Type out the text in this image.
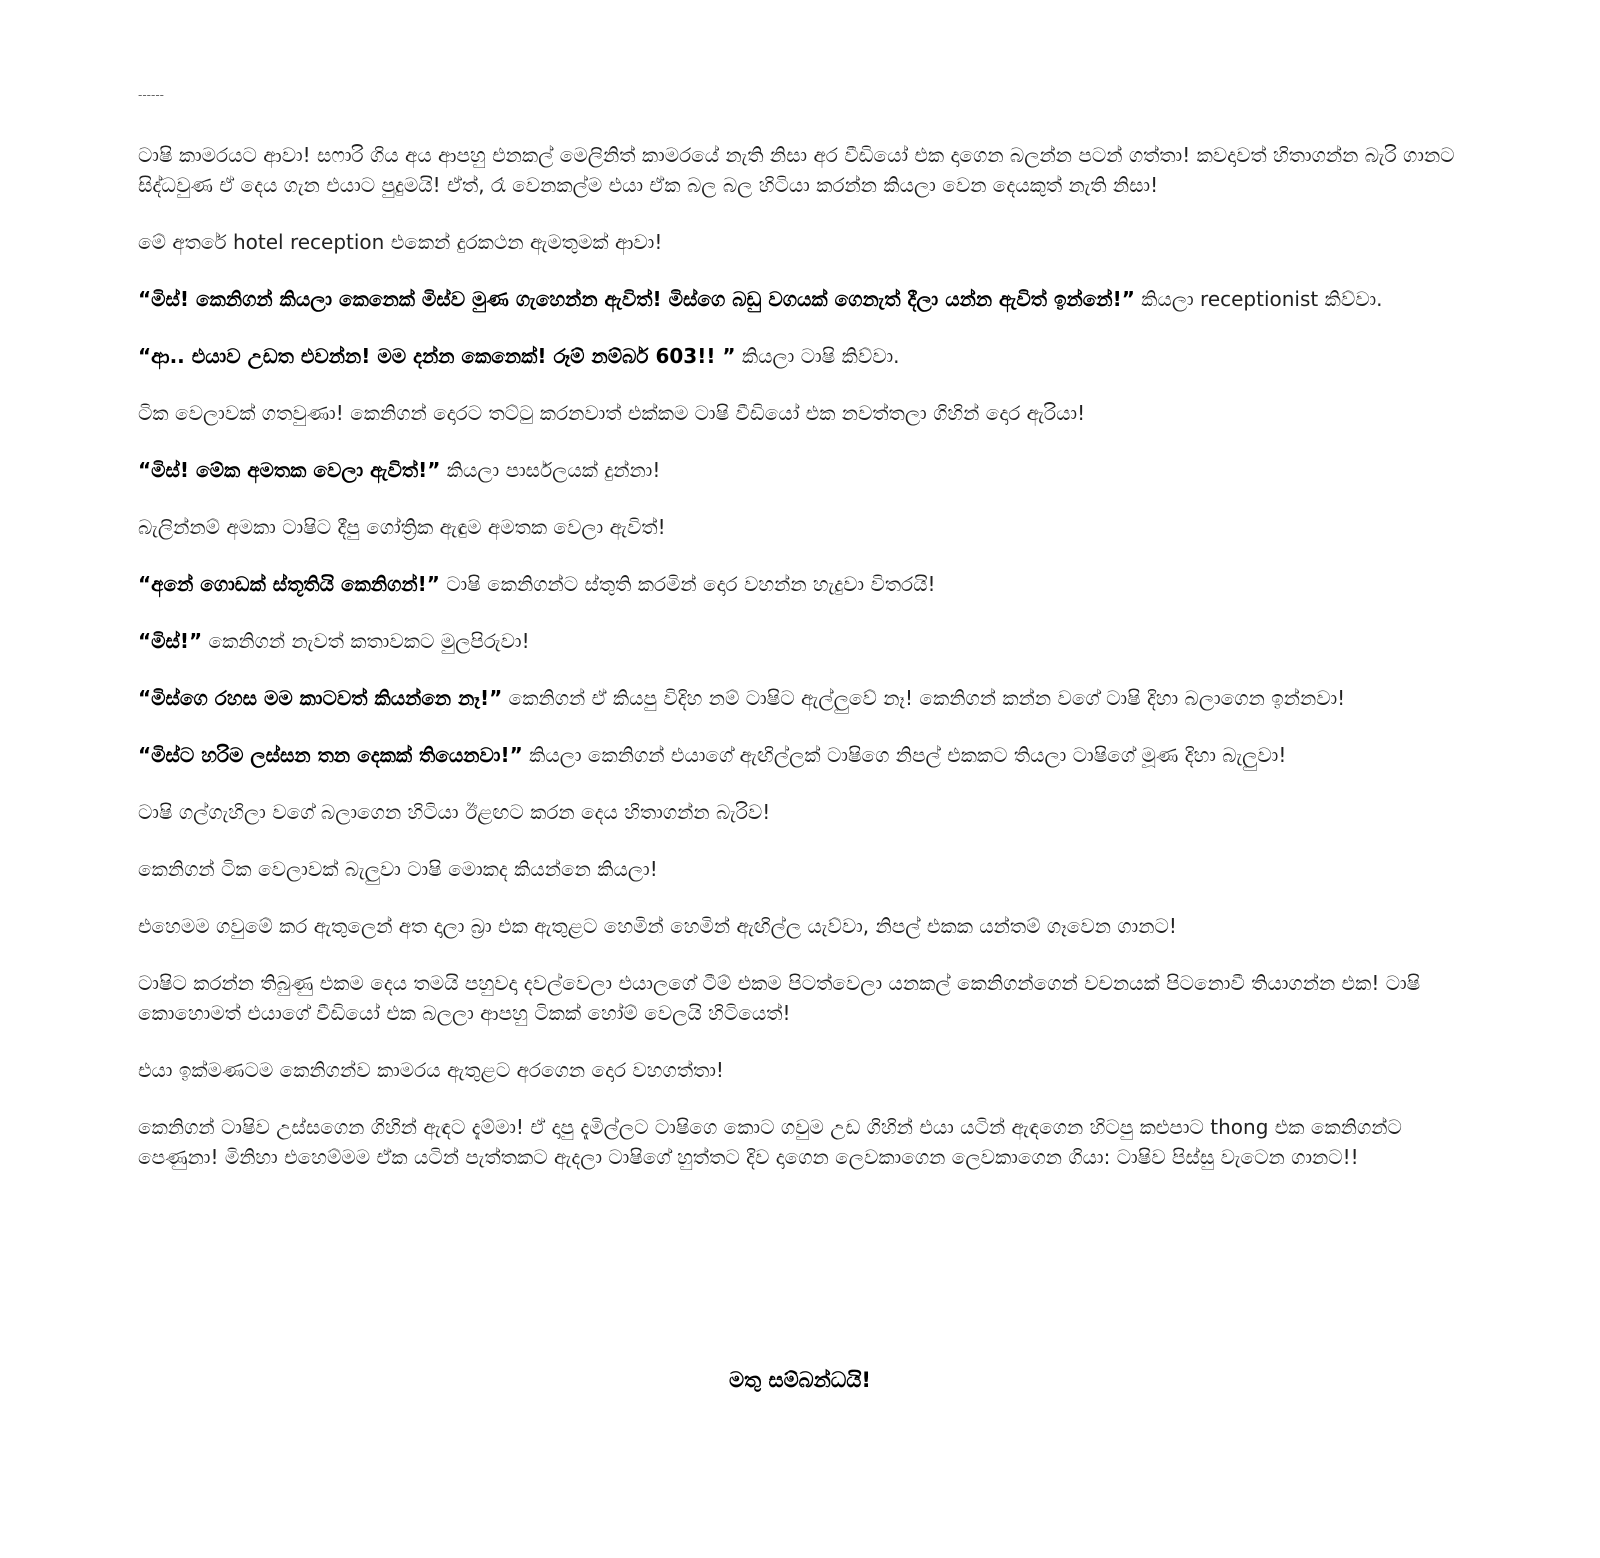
------

ටාෂි කාමරයට ආවා! සෆාරි ගිය අය ආපහු එනකල් මෙලිනිත් කාමරයේ නැති නිසා අර වීඩියෝ එක දාගෙන බලන්න පටන් ගත්තා! කවදාවත් හිතාගන්න බැරි ගානට සිද්ධවුණ ඒ දෙය ගැන එයාට පුදුමයි! ඒත්, රෑ වෙනකල්ම එයා ඒක බල බල හිටියා කරන්න කියලා වෙන දෙයකුත් නැති නිසා!

මේ අතරේ hotel reception එකෙන් දුරකථන ඇමතුමක් ආවා!

“මිස්! කෙනිගන් කියලා කෙනෙක් මිස්ව මුණ ගැහෙන්න ඇවිත්! මිස්ගෙ බඩු වගයක් ගෙනැත් දීලා යන්න ඇවිත් ඉන්නේ!” කියලා receptionist කිව්වා.

“ආ.. එයාව උඩත එවන්න! මම දන්න කෙනෙක්! රූම් නම්බර් 603!! ” කියලා ටාෂි කිව්වා.

ටික වෙලාවක් ගතවුණා! කෙනිගන් දොරට තට්ටු කරනවාත් එක්කම ටාෂි වීඩියෝ එක නවත්තලා ගිහින් දොර ඇරියා!

“මිස්! මේක අමතක වෙලා ඇවිත්!” කියලා පාර්සලයක් දුන්නා!

බැලින්නම් අමකා ටාෂිට දීපු ගෝත්‍රික ඇඳුම අමතක වෙලා ඇවිත්!

“අනේ ගොඩක් ස්තූතියි කෙනිගන්!” ටාෂි කෙනිගන්ට ස්තුති කරමින් දොර වහන්න හැදුවා විතරයි!

“මිස්!” කෙනිගන් නැවත් කතාවකට මුලපිරුවා!

“මිස්ගෙ රහස මම කාටවත් කියන්නෙ නෑ!” කෙනිගන් ඒ කියපු විදිහ නම් ටාෂිට ඇල්ලුවේ නෑ! කෙනිගන් කන්න වගේ ටාෂි දිහා බලාගෙන ඉන්නවා!

“මිස්ට හරිම ලස්සන තන දෙකක් තියෙනවා!” කියලා කෙනිගන් එයාගේ ඇඟිල්ලක් ටාෂිගෙ නිපල් එකකට තියලා ටාෂිගේ මූණ දිහා බැලුවා!

ටාෂි ගල්ගැහිලා වගේ බලාගෙන හිටියා ඊළඟට කරන දෙය හිතාගන්න බැරිව!

කෙනිගන් ටික වෙලාවක් බැලුවා ටාෂි මොකද කියන්නෙ කියලා!

එහෙමම ගවුමේ කර ඇතුලෙන් අත දාලා බ්‍රා එක ඇතුළට හෙමින් හෙමින් ඇඟිල්ල යැව්වා, නිපල් එකක යන්තම් ගෑවෙන ගානට!

ටාෂිට කරන්න තිබුණු එකම දෙය තමයි පහුවදා දවල්වෙලා එයාලගේ ටීම් එකම පිටත්වෙලා යනකල් කෙනිගන්ගෙන් වචනයක් පිටනොවී තියාගන්න එක! ටාෂි කොහොමත් එයාගේ වීඩියෝ එක බලලා ආපහු ටිකක් හෝම් වෙලයි හිටියෙත්!

එයා ඉක්මණටම කෙනිගන්ව කාමරය ඇතුළට අරගෙන දොර වහගත්තා!

කෙනිගන් ටාෂිව උස්සගෙන ගිහින් ඇඳට දැම්මා! ඒ දාපු දැමිල්ලට ටාෂිගෙ කොට ගවුම උඩ ගිහින් එයා යටින් ඇඳගෙන හිටපු කළුපාට thong එක කෙනිගන්ට පෙණුනා! මිනිහා එහෙම්මම ඒක යටින් පැත්තකට ඇදලා ටාෂිගේ හුත්තට දිව දාගෙන ලෙවකාගෙන ලෙවකාගෙන ගියා: ටාෂිව පිස්සු වැටෙන ගානට!!

මතු සම්බන්ධයි!
